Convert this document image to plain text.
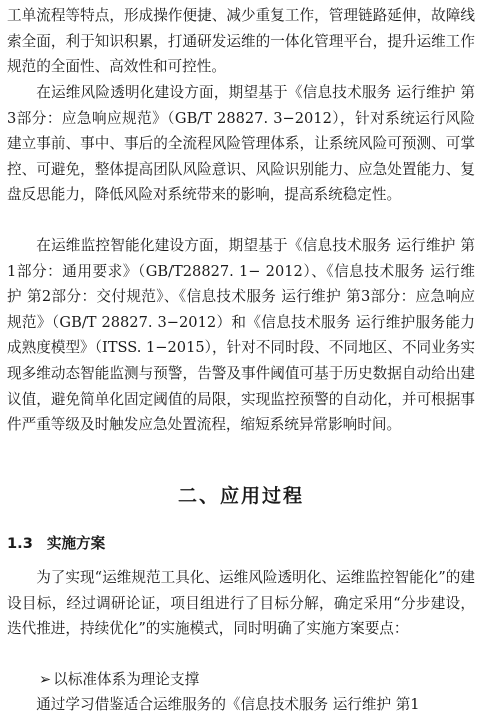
工单流程等特点，形成操作便捷、减少重复工作，管理链路延伸，故障线索全面，利于知识积累，打通研发运维的一体化管理平台，提升运维工作规范的全面性、高效性和可控性。

在运维风险透明化建设方面，期望基于《信息技术服务 运行维护 第3部分：应急响应规范》（GB/T 28827. 3−2012），针对系统运行风险建立事前、事中、事后的全流程风险管理体系，让系统风险可预测、可掌控、可避免，整体提高团队风险意识、风险识别能力、应急处置能力、复盘反思能力，降低风险对系统带来的影响，提高系统稳定性。

在运维监控智能化建设方面，期望基于《信息技术服务 运行维护 第1部分：通用要求》（GB/T28827. 1− 2012）、《信息技术服务 运行维护 第2部分：交付规范》、《信息技术服务 运行维护 第3部分：应急响应规范》（GB/T 28827. 3−2012）和《信息技术服务 运行维护服务能力成熟度模型》（ITSS. 1−2015），针对不同时段、不同地区、不同业务实现多维动态智能监测与预警，告警及事件阈值可基于历史数据自动给出建议值，避免简单化固定阈值的局限，实现监控预警的自动化，并可根据事件严重等级及时触发应急处置流程，缩短系统异常影响时间。

二、应用过程
1.3 实施方案

为了实现“运维规范工具化、运维风险透明化、运维监控智能化”的建设目标，经过调研论证，项目组进行了目标分解，确定采用“分步建设，迭代推进，持续优化”的实施模式，同时明确了实施方案要点：

➢ 以标准体系为理论支撑

通过学习借鉴适合运维服务的《信息技术服务 运行维护 第1
